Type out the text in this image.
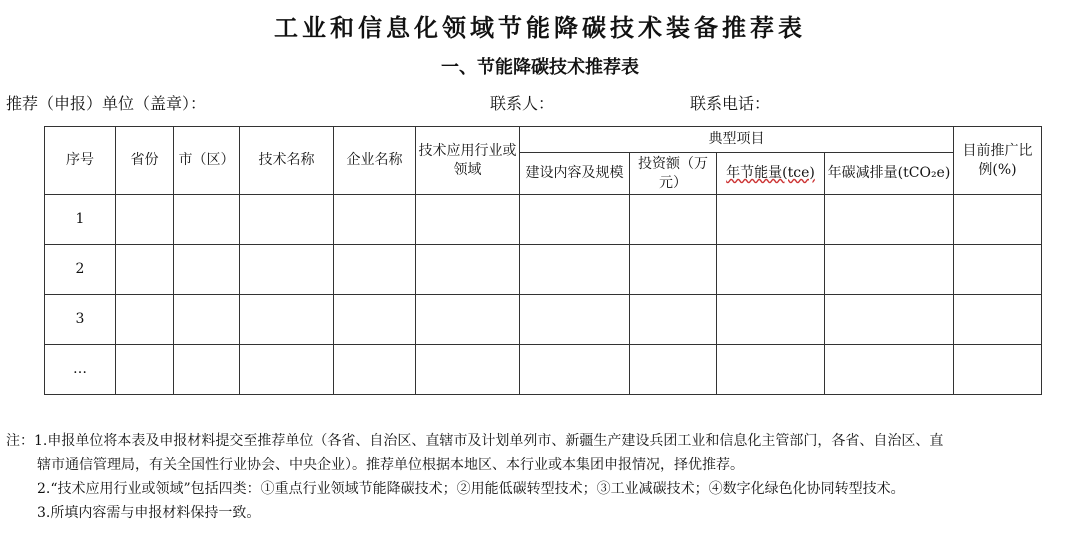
工业和信息化领域节能降碳技术装备推荐表
一、节能降碳技术推荐表
推荐（申报）单位（盖章）：	联系人：	联系电话：
序号	省份	市（区）	技术名称	企业名称	技术应用行业或领域	典型项目				目前推广比例(%)
						建设内容及规模	投资额（万元）	年节能量(tce)	年碳减排量(tCO₂e)	
1										
2										
3										
…										
注：1.申报单位将本表及申报材料提交至推荐单位（各省、自治区、直辖市及计划单列市、新疆生产建设兵团工业和信息化主管部门，各省、自治区、直
辖市通信管理局，有关全国性行业协会、中央企业）。推荐单位根据本地区、本行业或本集团申报情况，择优推荐。
2.“技术应用行业或领域”包括四类：①重点行业领域节能降碳技术；②用能低碳转型技术；③工业减碳技术；④数字化绿色化协同转型技术。
3.所填内容需与申报材料保持一致。
